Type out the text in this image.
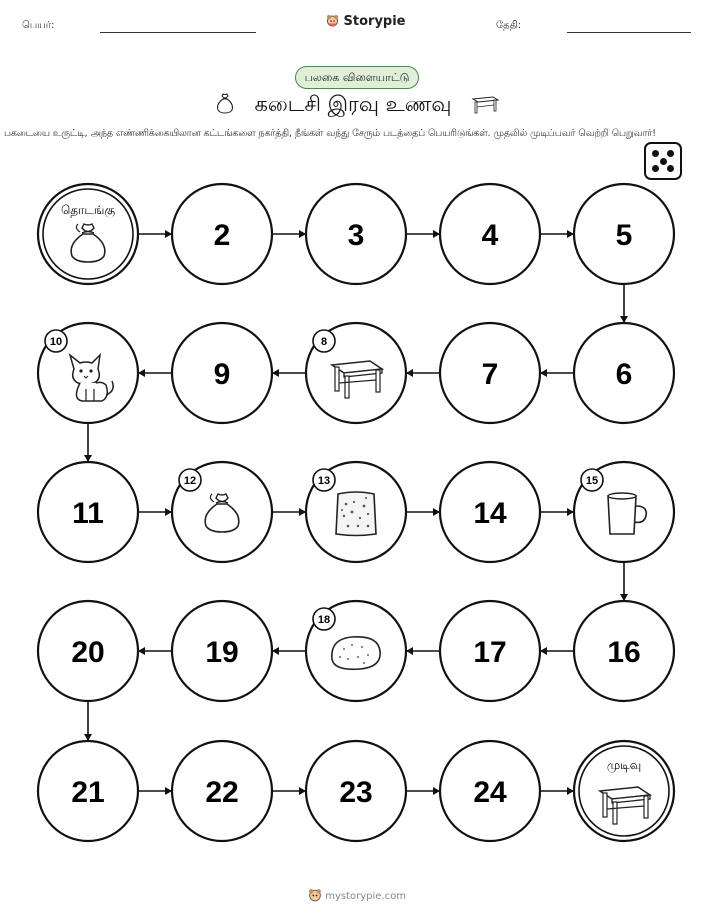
பெயர்:	Storypie	தேதி:
பலகை விளையாட்டு
கடைசி இரவு உணவு
பகடையை உருட்டி, அந்த எண்ணிக்கையிலான கட்டங்களை நகர்த்தி, நீங்கள் வந்து சேரும் படத்தைப் பெயரிடுங்கள். முதலில் முடிப்பவர் வெற்றி பெறுவார்!
தொடங்கு
முடிவு
2	3	4	5
6
7
8
9
10
11
12	13
14
15
16
17
18
19
20
21	22	23	24
mystorypie.com
